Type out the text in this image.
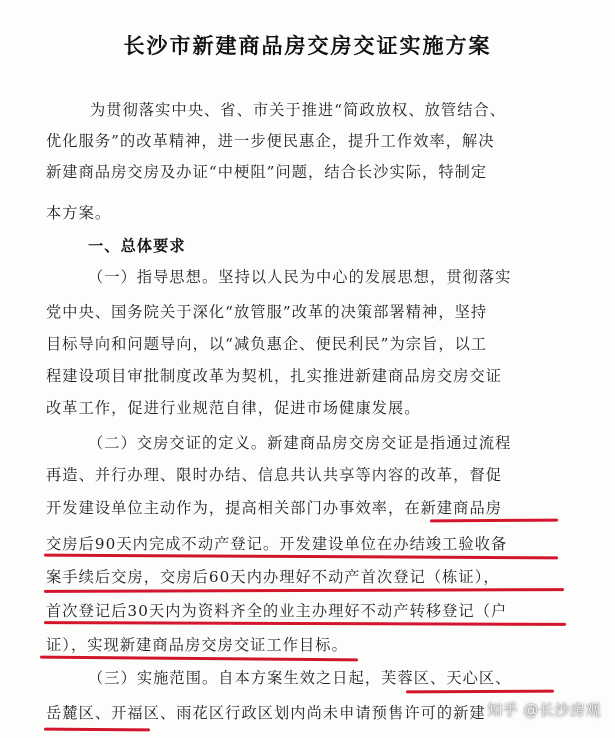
长沙市新建商品房交房交证实施方案
为贯彻落实中央、省、市关于推进“简政放权、放管结合、
优化服务”的改革精神，进一步便民惠企，提升工作效率，解决
新建商品房交房及办证“中梗阻”问题，结合长沙实际，特制定
本方案。
一、总体要求
（一）指导思想。坚持以人民为中心的发展思想，贯彻落实
党中央、国务院关于深化“放管服”改革的决策部署精神，坚持
目标导向和问题导向，以“减负惠企、便民利民”为宗旨，以工
程建设项目审批制度改革为契机，扎实推进新建商品房交房交证
改革工作，促进行业规范自律，促进市场健康发展。
（二）交房交证的定义。新建商品房交房交证是指通过流程
再造、并行办理、限时办结、信息共认共享等内容的改革，督促
开发建设单位主动作为，提高相关部门办事效率，在新建商品房
交房后90天内完成不动产登记。开发建设单位在办结竣工验收备
案手续后交房，交房后60天内办理好不动产首次登记（栋证），
首次登记后30天内为资料齐全的业主办理好不动产转移登记（户
证），实现新建商品房交房交证工作目标。
（三）实施范围。自本方案生效之日起，芙蓉区、天心区、
岳麓区、开福区、雨花区行政区划内尚未申请预售许可的新建 知乎 @长沙房观
